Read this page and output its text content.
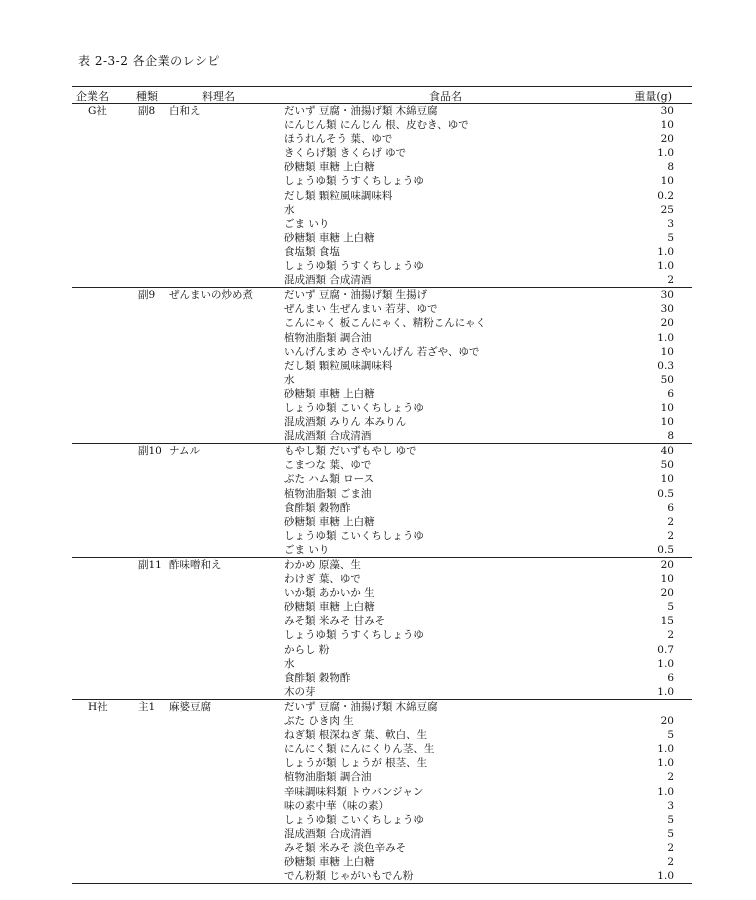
表 2-3-2 各企業のレシピ
企業名 種類	料理名	食品名	重量(g)
G社	副8 白和え	だいず 豆腐・油揚げ類 木綿豆腐	30
にんじん類 にんじん 根、皮むき、ゆで	10
ほうれんそう 葉、ゆで	20
きくらげ類 きくらげ ゆで	1.0
砂糖類 車糖 上白糖	8
しょうゆ類 うすくちしょうゆ	10
だし類 顆粒風味調味料	0.2
水	25
ごま いり	3
砂糖類 車糖 上白糖	5
食塩類 食塩	1.0
しょうゆ類 うすくちしょうゆ	1.0
混成酒類 合成清酒	2
副9 ぜんまいの炒め煮	だいず 豆腐・油揚げ類 生揚げ	30
ぜんまい 生ぜんまい 若芽、ゆで	30
こんにゃく 板こんにゃく、精粉こんにゃく	20
植物油脂類 調合油	1.0
いんげんまめ さやいんげん 若ざや、ゆで	10
だし類 顆粒風味調味料	0.3
水	50
砂糖類 車糖 上白糖	6
しょうゆ類 こいくちしょうゆ	10
混成酒類 みりん 本みりん	10
混成酒類 合成清酒	8
副10 ナムル	もやし類 だいずもやし ゆで	40
こまつな 葉、ゆで	50
ぶた ハム類 ロース	10
植物油脂類 ごま油	0.5
食酢類 穀物酢	6
砂糖類 車糖 上白糖	2
しょうゆ類 こいくちしょうゆ	2
ごま いり	0.5
副11 酢味噌和え	わかめ 原藻、生	20
わけぎ 葉、ゆで	10
いか類 あかいか 生	20
砂糖類 車糖 上白糖	5
みそ類 米みそ 甘みそ	15
しょうゆ類 うすくちしょうゆ	2
からし 粉	0.7
水	1.0
食酢類 穀物酢	6
木の芽	1.0
H社	主1 麻婆豆腐	だいず 豆腐・油揚げ類 木綿豆腐
ぶた ひき肉 生	20
ねぎ類 根深ねぎ 葉、軟白、生	5
にんにく類 にんにくりん茎、生	1.0
しょうが類 しょうが 根茎、生	1.0
植物油脂類 調合油	2
辛味調味料類 トウバンジャン	1.0
味の素中華（味の素）	3
しょうゆ類 こいくちしょうゆ	5
混成酒類 合成清酒	5
みそ類 米みそ 淡色辛みそ	2
砂糖類 車糖 上白糖	2
でん粉類 じゃがいもでん粉	1.0
